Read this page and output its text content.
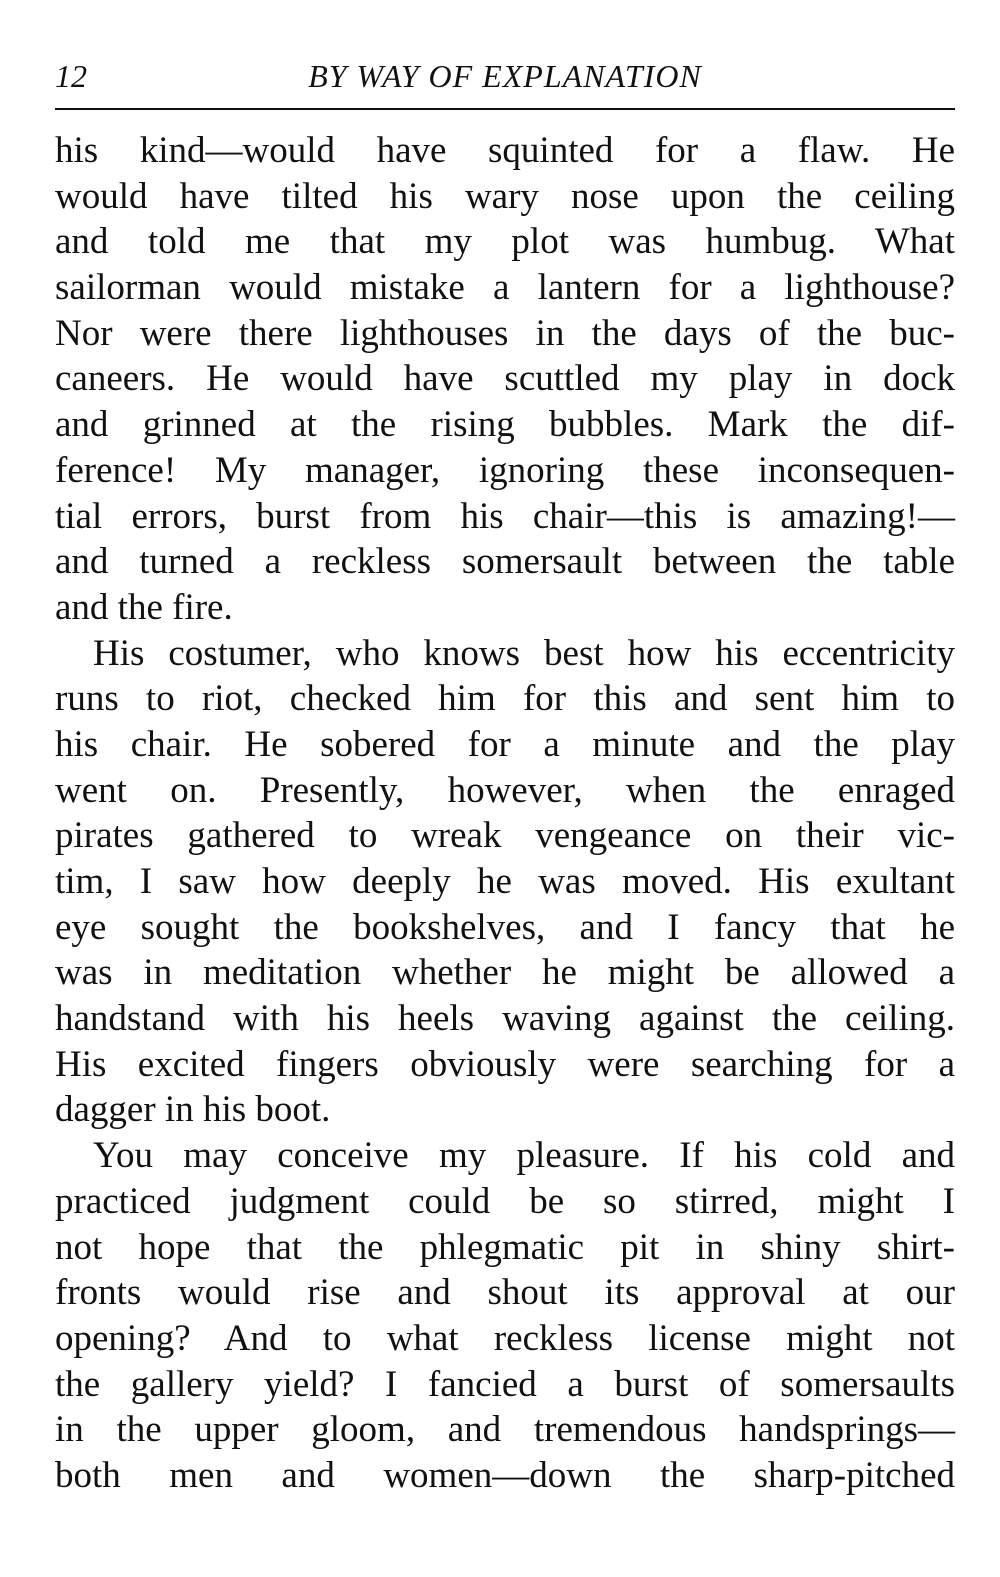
12	BY WAY OF EXPLANATION
his kind—would have squinted for a flaw. He
would have tilted his wary nose upon the ceiling
and told me that my plot was humbug. What
sailorman would mistake a lantern for a lighthouse?
Nor were there lighthouses in the days of the buc-
caneers. He would have scuttled my play in dock
and grinned at the rising bubbles. Mark the dif-
ference! My manager, ignoring these inconsequen-
tial errors, burst from his chair—this is amazing!—
and turned a reckless somersault between the table
and the fire.
His costumer, who knows best how his eccentricity
runs to riot, checked him for this and sent him to
his chair. He sobered for a minute and the play
went on. Presently, however, when the enraged
pirates gathered to wreak vengeance on their vic-
tim, I saw how deeply he was moved. His exultant
eye sought the bookshelves, and I fancy that he
was in meditation whether he might be allowed a
handstand with his heels waving against the ceiling.
His excited fingers obviously were searching for a
dagger in his boot.
You may conceive my pleasure. If his cold and
practiced judgment could be so stirred, might I
not hope that the phlegmatic pit in shiny shirt-
fronts would rise and shout its approval at our
opening? And to what reckless license might not
the gallery yield? I fancied a burst of somersaults
in the upper gloom, and tremendous handsprings—
both men and women—down the sharp-pitched
